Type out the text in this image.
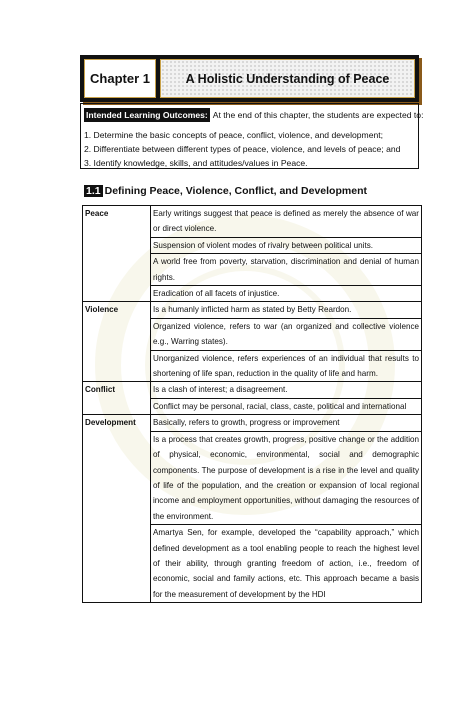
Chapter 1	A Holistic Understanding of Peace
Intended Learning Outcomes: At the end of this chapter, the students are expected to:
1. Determine the basic concepts of peace, conflict, violence, and development;
2. Differentiate between different types of peace, violence, and levels of peace; and
3. Identify knowledge, skills, and attitudes/values in Peace.
1.1 Defining Peace, Violence, Conflict, and Development
Peace	Early writings suggest that peace is defined as merely the absence of war or direct violence.
	Suspension of violent modes of rivalry between political units.
	A world free from poverty, starvation, discrimination and denial of human rights.
	Eradication of all facets of injustice.
Violence	Is a humanly inflicted harm as stated by Betty Reardon.
	Organized violence, refers to war (an organized and collective violence e.g., Warring states).
	Unorganized violence, refers experiences of an individual that results to shortening of life span, reduction in the quality of life and harm.
Conflict	Is a clash of interest; a disagreement.
	Conflict may be personal, racial, class, caste, political and international
Development	Basically, refers to growth, progress or improvement
	Is a process that creates growth, progress, positive change or the addition of physical, economic, environmental, social and demographic components. The purpose of development is a rise in the level and quality of life of the population, and the creation or expansion of local regional income and employment opportunities, without damaging the resources of the environment.
	Amartya Sen, for example, developed the “capability approach,” which defined development as a tool enabling people to reach the highest level of their ability, through granting freedom of action, i.e., freedom of economic, social and family actions, etc. This approach became a basis for the measurement of development by the HDI
